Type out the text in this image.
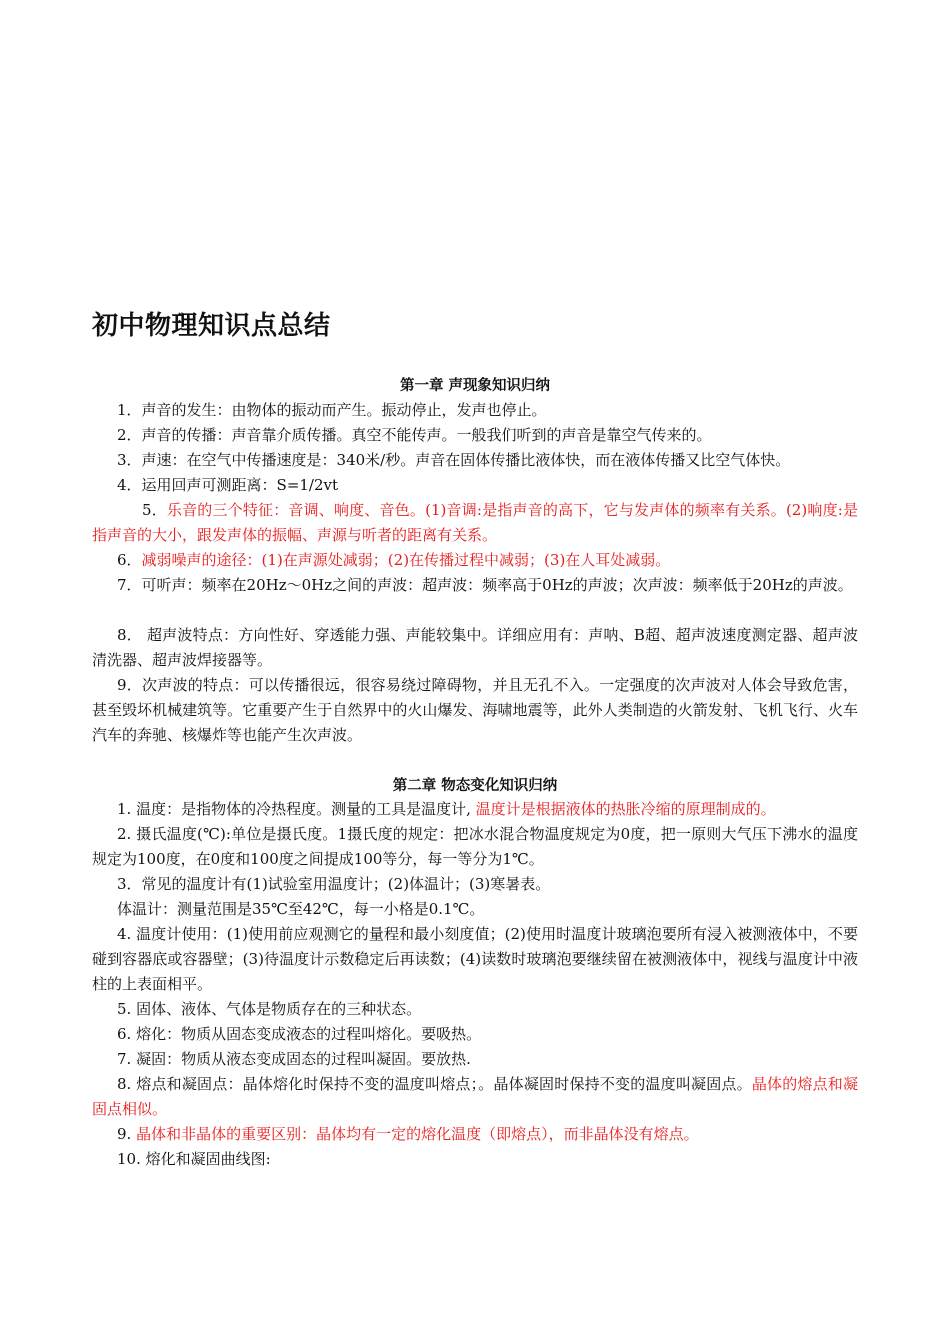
初中物理知识点总结
第一章 声现象知识归纳

1．声音的发生：由物体的振动而产生。振动停止，发声也停止。

2．声音的传播：声音靠介质传播。真空不能传声。一般我们听到的声音是靠空气传来的。

3．声速：在空气中传播速度是：340米/秒。声音在固体传播比液体快，而在液体传播又比空气体快。

4．运用回声可测距离：S=1/2vt

5．乐音的三个特征：音调、响度、音色。(1)音调:是指声音的高下，它与发声体的频率有关系。(2)响度:是指声音的大小，跟发声体的振幅、声源与听者的距离有关系。

6．减弱噪声的途径：(1)在声源处减弱；(2)在传播过程中减弱；(3)在人耳处减弱。

7．可听声：频率在20Hz～0Hz之间的声波：超声波：频率高于0Hz的声波；次声波：频率低于20Hz的声波。

8． 超声波特点：方向性好、穿透能力强、声能较集中。详细应用有：声呐、B超、超声波速度测定器、超声波清洗器、超声波焊接器等。

9．次声波的特点：可以传播很远，很容易绕过障碍物，并且无孔不入。一定强度的次声波对人体会导致危害，甚至毁坏机械建筑等。它重要产生于自然界中的火山爆发、海啸地震等，此外人类制造的火箭发射、飞机飞行、火车汽车的奔驰、核爆炸等也能产生次声波。

第二章 物态变化知识归纳

1. 温度：是指物体的冷热程度。测量的工具是温度计, 温度计是根据液体的热胀冷缩的原理制成的。

2. 摄氏温度(℃):单位是摄氏度。1摄氏度的规定：把冰水混合物温度规定为0度，把一原则大气压下沸水的温度规定为100度，在0度和100度之间提成100等分，每一等分为1℃。

3．常见的温度计有(1)试验室用温度计；(2)体温计；(3)寒暑表。

体温计：测量范围是35℃至42℃，每一小格是0.1℃。

4. 温度计使用：(1)使用前应观测它的量程和最小刻度值；(2)使用时温度计玻璃泡要所有浸入被测液体中，不要碰到容器底或容器壁；(3)待温度计示数稳定后再读数；(4)读数时玻璃泡要继续留在被测液体中，视线与温度计中液柱的上表面相平。

5. 固体、液体、气体是物质存在的三种状态。

6. 熔化：物质从固态变成液态的过程叫熔化。要吸热。

7. 凝固：物质从液态变成固态的过程叫凝固。要放热.

8. 熔点和凝固点：晶体熔化时保持不变的温度叫熔点；。晶体凝固时保持不变的温度叫凝固点。晶体的熔点和凝固点相似。

9. 晶体和非晶体的重要区别：晶体均有一定的熔化温度（即熔点），而非晶体没有熔点。

10. 熔化和凝固曲线图:
